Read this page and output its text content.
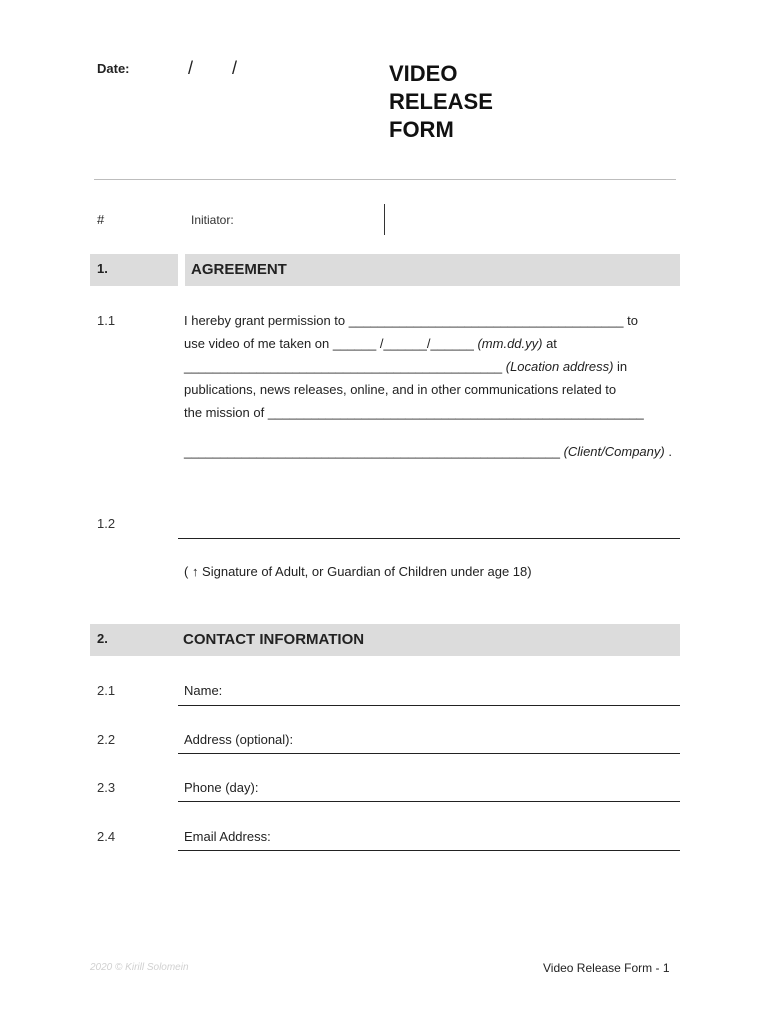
Date:	/ /	VIDEO
RELEASE
FORM
#	Initiator:
1.	AGREEMENT
1.1	I hereby grant permission to ______________________________________ to
use video of me taken on ______ /______/______ (mm.dd.yy) at
____________________________________________ (Location address) in
publications, news releases, online, and in other communications related to
the mission of ____________________________________________________
____________________________________________________ (Client/Company) .
1.2
( ↑ Signature of Adult, or Guardian of Children under age 18)
2.	CONTACT INFORMATION
2.1	Name:
2.2	Address (optional):
2.3	Phone (day):
2.4	Email Address:
2020 © Kirill Solomein	Video Release Form - 1
